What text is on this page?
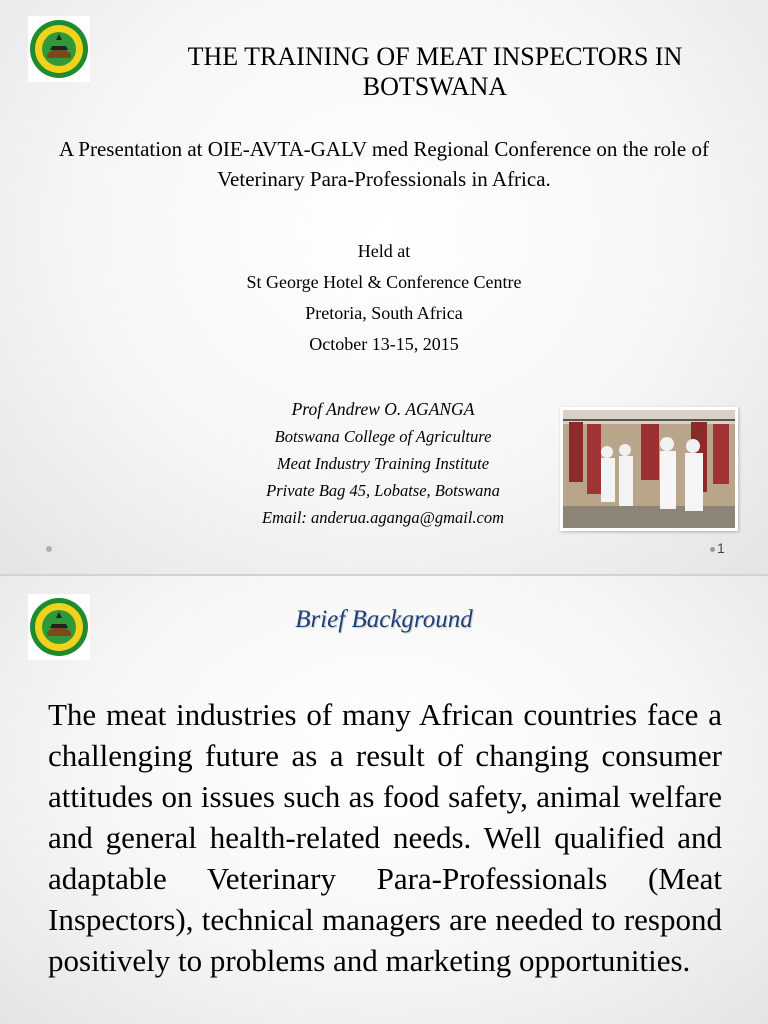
THE TRAINING OF MEAT INSPECTORS IN BOTSWANA

A Presentation at OIE-AVTA-GALV med Regional Conference on the role of Veterinary Para-Professionals in Africa.

Held at
St George Hotel & Conference Centre
Pretoria, South Africa
October 13-15, 2015
Prof Andrew O. AGANGA
Botswana College of Agriculture
Meat Industry Training Institute
Private Bag 45, Lobatse, Botswana
Email: anderua.aganga@gmail.com
1
Brief Background

The meat industries of many African countries face a challenging future as a result of changing consumer attitudes on issues such as food safety, animal welfare and general health-related needs. Well qualified and adaptable Veterinary Para-Professionals (Meat Inspectors), technical managers are needed to respond positively to problems and marketing opportunities.
